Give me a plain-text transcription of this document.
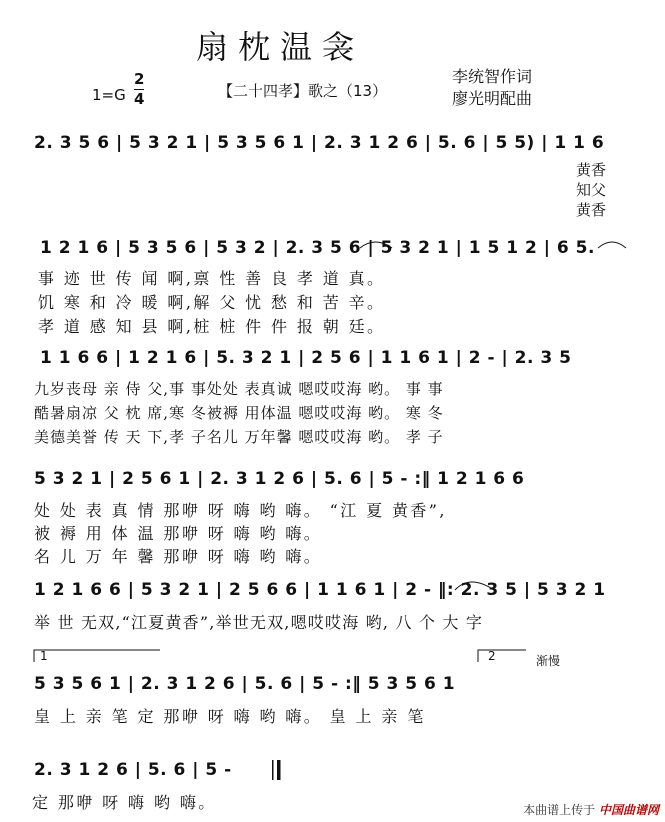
扇枕温衾
1=G
2
4	【二十四孝】歌之（13）
李统智作词
廖光明配曲
2. 3 5 6 | 5 3 2 1 | 5 3 5 6 1 | 2. 3 1 2 6 | 5. 6 | 5 5) | 1 1 6
黄香
知父
黄香
1 2 1 6 | 5 3 5 6 | 5 3 2 | 2. 3 5 6 | 5 3 2 1 | 1 5 1 2 | 6 5.
事 迹 世 传 闻 啊,禀 性 善 良 孝 道 真。
饥 寒 和 冷 暖 啊,解 父 忧 愁 和 苦 辛。
孝 道 感 知 县 啊,桩 桩 件 件 报 朝 廷。
1 1 6 6 | 1 2 1 6 | 5. 3 2 1 | 2 5 6 | 1 1 6 1 | 2 - | 2. 3 5
九岁丧母 亲 侍 父,事 事处处 表真诚 嗯哎哎海 哟。 事 事
酷暑扇凉 父 枕 席,寒 冬被褥 用体温 嗯哎哎海 哟。 寒 冬
美德美誉 传 天 下,孝 子名儿 万年馨 嗯哎哎海 哟。 孝 子
5 3 2 1 | 2 5 6 1 | 2. 3 1 2 6 | 5. 6 | 5 - :‖ 1 2 1 6 6
处 处 表 真 情 那咿 呀 嗨 哟 嗨。 “江 夏 黄香”,
被 褥 用 体 温 那咿 呀 嗨 哟 嗨。
名 儿 万 年 馨 那咿 呀 嗨 哟 嗨。
1 2 1 6 6 | 5 3 2 1 | 2 5 6 6 | 1 1 6 1 | 2 - ‖: 2. 3 5 | 5 3 2 1
举 世 无双,“江夏黄香”,举世无双,嗯哎哎海 哟, 八 个 大 字
1	2	渐慢
5 3 5 6 1 | 2. 3 1 2 6 | 5. 6 | 5 - :‖ 5 3 5 6 1
皇 上 亲 笔 定 那咿 呀 嗨 哟 嗨。 皇 上 亲 笔
2. 3 1 2 6 | 5. 6 | 5 -
定 那咿 呀 嗨 哟 嗨。	本曲谱上传于 中国曲谱网
